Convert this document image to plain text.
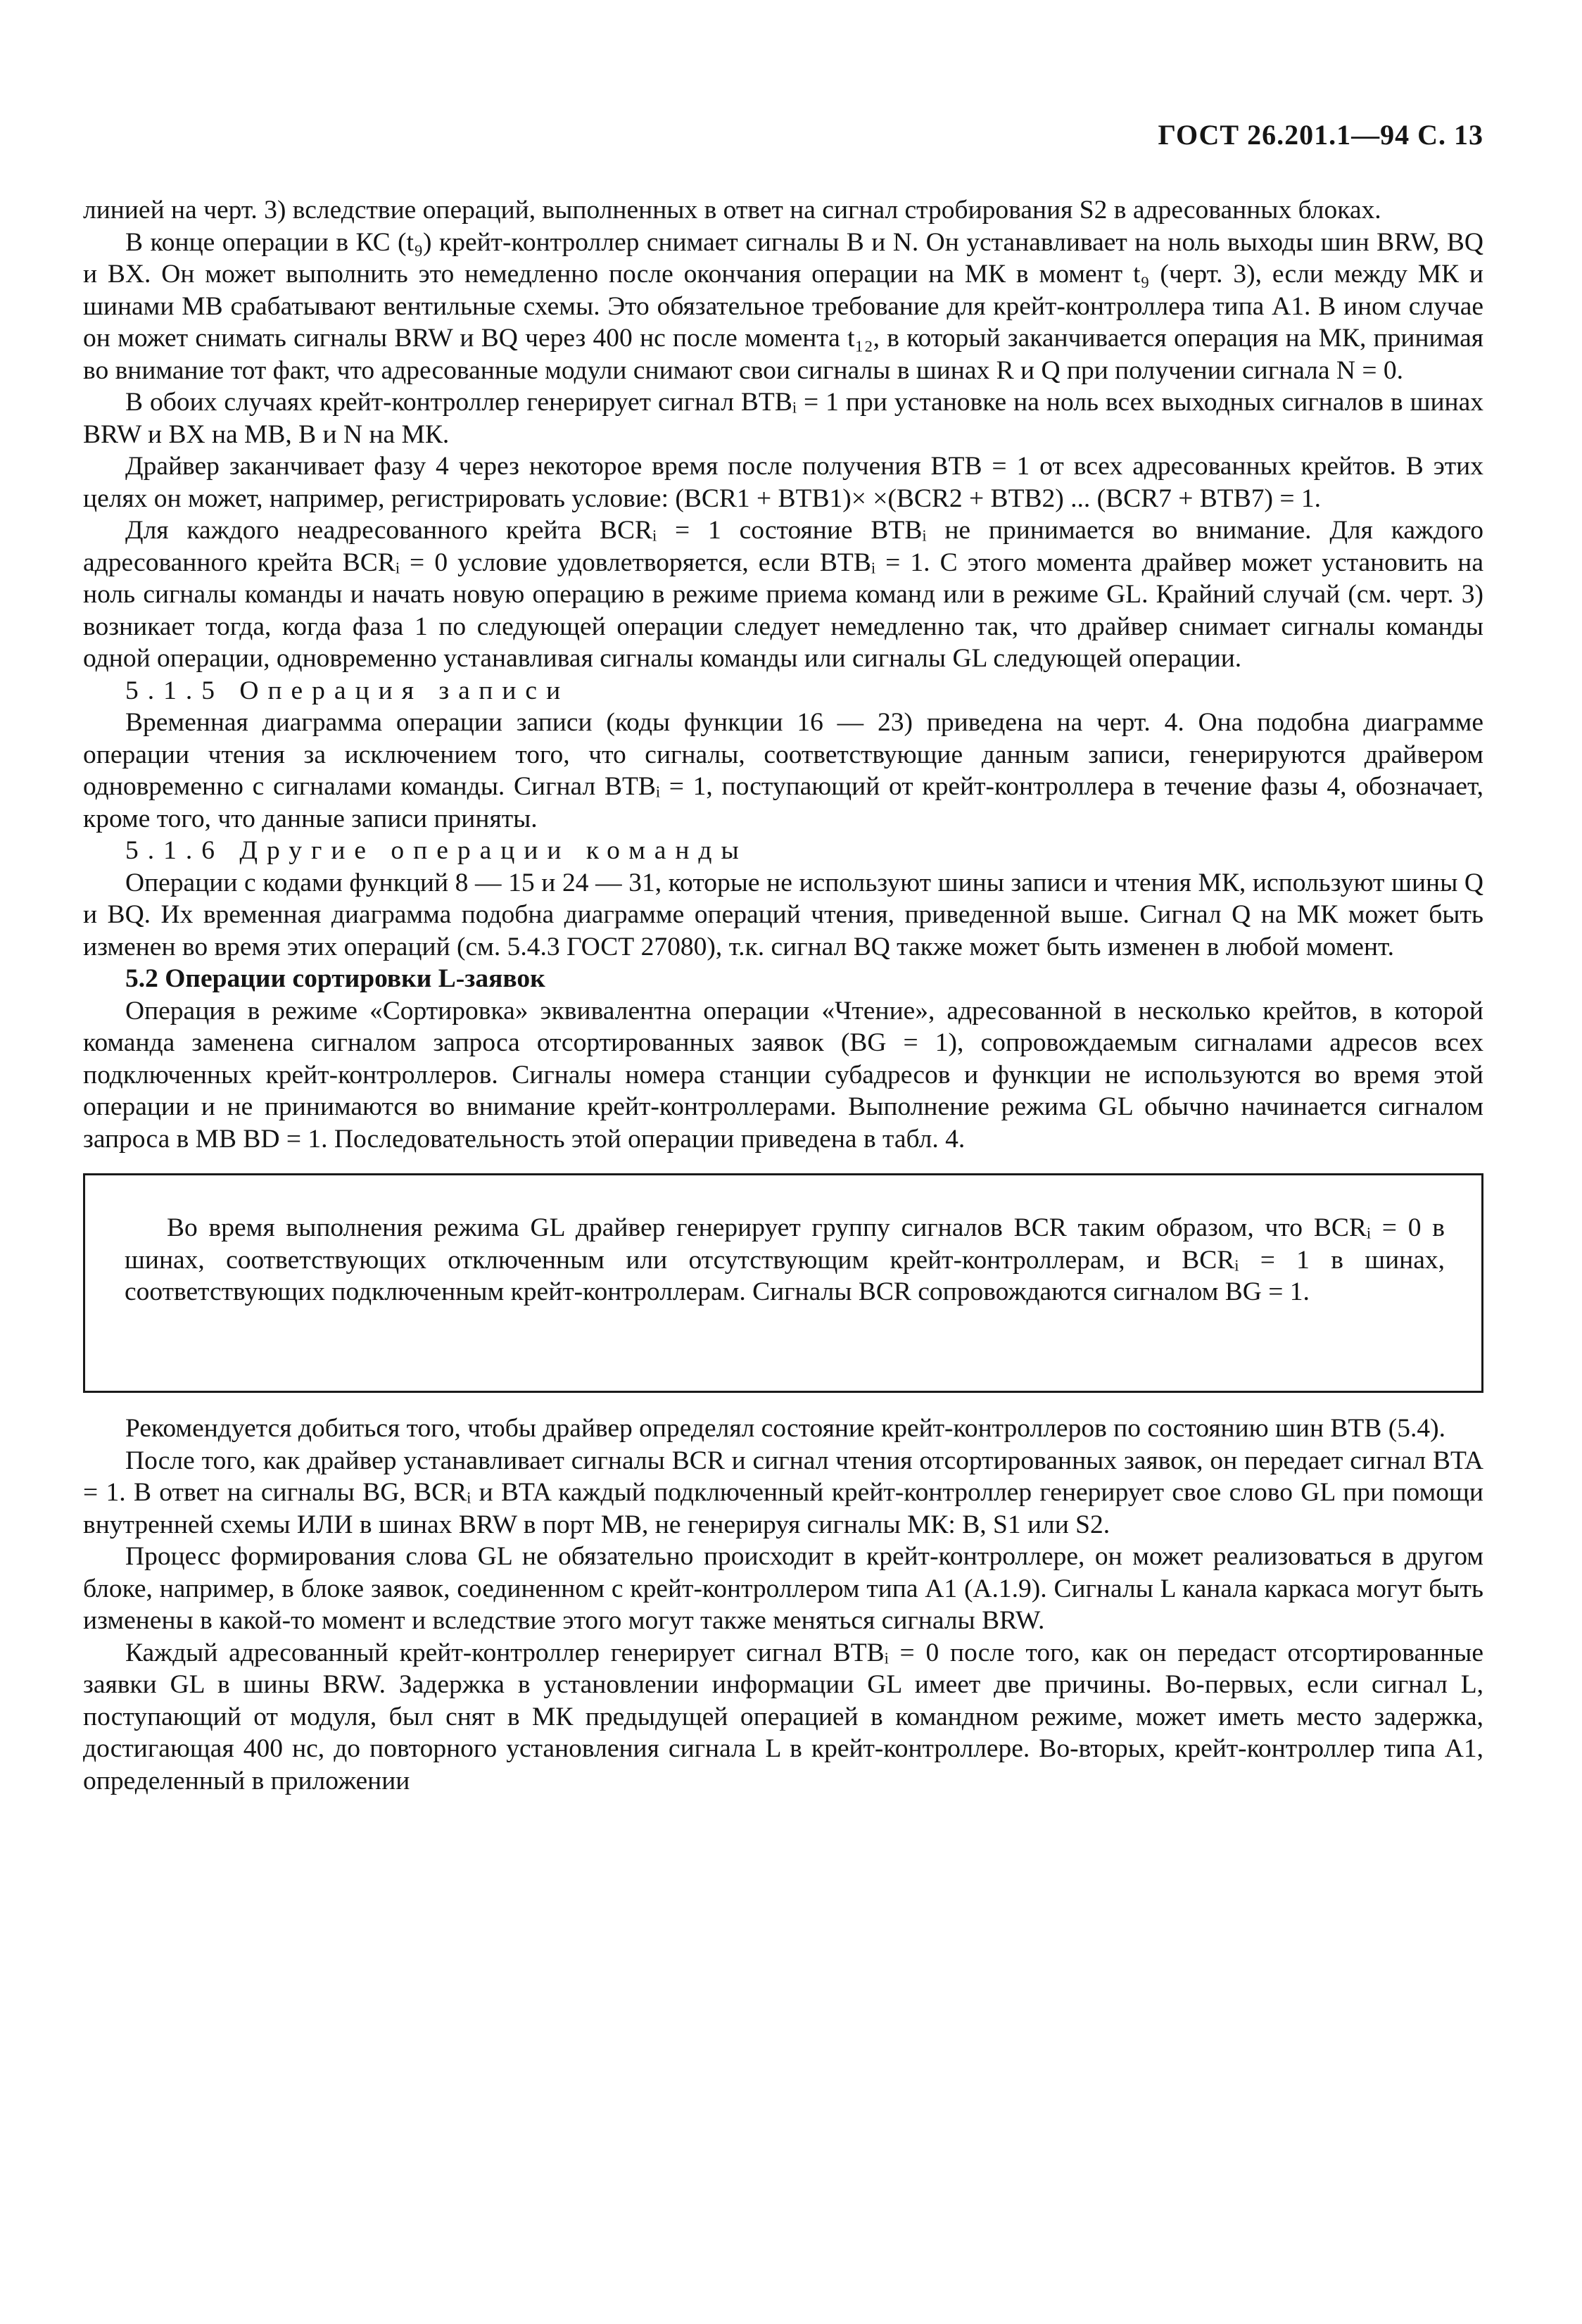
ГОСТ 26.201.1—94 С. 13

линией на черт. 3) вследствие операций, выполненных в ответ на сигнал стробирования S2 в адресованных блоках.

В конце операции в КС (t₉) крейт-контроллер снимает сигналы B и N. Он устанавливает на ноль выходы шин BRW, BQ и BX. Он может выполнить это немедленно после окончания операции на МК в момент t₉ (черт. 3), если между МК и шинами МВ срабатывают вентильные схемы. Это обязательное требование для крейт-контроллера типа А1. В ином случае он может снимать сигналы BRW и BQ через 400 нс после момента t₁₂, в который заканчивается операция на МК, принимая во внимание тот факт, что адресованные модули снимают свои сигналы в шинах R и Q при получении сигнала N = 0.

В обоих случаях крейт-контроллер генерирует сигнал BTBᵢ = 1 при установке на ноль всех выходных сигналов в шинах BRW и BX на МВ, B и N на МК.

Драйвер заканчивает фазу 4 через некоторое время после получения BTB = 1 от всех адресованных крейтов. В этих целях он может, например, регистрировать условие: (BCR1 + BTB1)× ×(BCR2 + BTB2) ... (BCR7 + BTB7) = 1.

Для каждого неадресованного крейта BCRᵢ = 1 состояние BTBᵢ не принимается во внимание. Для каждого адресованного крейта BCRᵢ = 0 условие удовлетворяется, если BTBᵢ = 1. С этого момента драйвер может установить на ноль сигналы команды и начать новую операцию в режиме приема команд или в режиме GL. Крайний случай (см. черт. 3) возникает тогда, когда фаза 1 по следующей операции следует немедленно так, что драйвер снимает сигналы команды одной операции, одновременно устанавливая сигналы команды или сигналы GL следующей операции.

5.1.5 Операция записи

Временная диаграмма операции записи (коды функции 16 — 23) приведена на черт. 4. Она подобна диаграмме операции чтения за исключением того, что сигналы, соответствующие данным записи, генерируются драйвером одновременно с сигналами команды. Сигнал BTBᵢ = 1, поступающий от крейт-контроллера в течение фазы 4, обозначает, кроме того, что данные записи приняты.

5.1.6 Другие операции команды

Операции с кодами функций 8 — 15 и 24 — 31, которые не используют шины записи и чтения МК, используют шины Q и BQ. Их временная диаграмма подобна диаграмме операций чтения, приведенной выше. Сигнал Q на МК может быть изменен во время этих операций (см. 5.4.3 ГОСТ 27080), т.к. сигнал BQ также может быть изменен в любой момент.

5.2 Операции сортировки L-заявок

Операция в режиме «Сортировка» эквивалентна операции «Чтение», адресованной в несколько крейтов, в которой команда заменена сигналом запроса отсортированных заявок (BG = 1), сопровождаемым сигналами адресов всех подключенных крейт-контроллеров. Сигналы номера станции субадресов и функции не используются во время этой операции и не принимаются во внимание крейт-контроллерами. Выполнение режима GL обычно начинается сигналом запроса в МВ BD = 1. Последовательность этой операции приведена в табл. 4.

Во время выполнения режима GL драйвер генерирует группу сигналов BCR таким образом, что BCRᵢ = 0 в шинах, соответствующих отключенным или отсутствующим крейт-контроллерам, и BCRᵢ = 1 в шинах, соответствующих подключенным крейт-контроллерам. Сигналы BCR сопровождаются сигналом BG = 1.

Рекомендуется добиться того, чтобы драйвер определял состояние крейт-контроллеров по состоянию шин BTB (5.4).

После того, как драйвер устанавливает сигналы BCR и сигнал чтения отсортированных заявок, он передает сигнал BTA = 1. В ответ на сигналы BG, BCRᵢ и BTA каждый подключенный крейт-контроллер генерирует свое слово GL при помощи внутренней схемы ИЛИ в шинах BRW в порт МВ, не генерируя сигналы МК: B, S1 или S2.

Процесс формирования слова GL не обязательно происходит в крейт-контроллере, он может реализоваться в другом блоке, например, в блоке заявок, соединенном с крейт-контроллером типа А1 (А.1.9). Сигналы L канала каркаса могут быть изменены в какой-то момент и вследствие этого могут также меняться сигналы BRW.

Каждый адресованный крейт-контроллер генерирует сигнал BTBᵢ = 0 после того, как он передаст отсортированные заявки GL в шины BRW. Задержка в установлении информации GL имеет две причины. Во-первых, если сигнал L, поступающий от модуля, был снят в МК предыдущей операцией в командном режиме, может иметь место задержка, достигающая 400 нс, до повторного установления сигнала L в крейт-контроллере. Во-вторых, крейт-контроллер типа А1, определенный в приложении
